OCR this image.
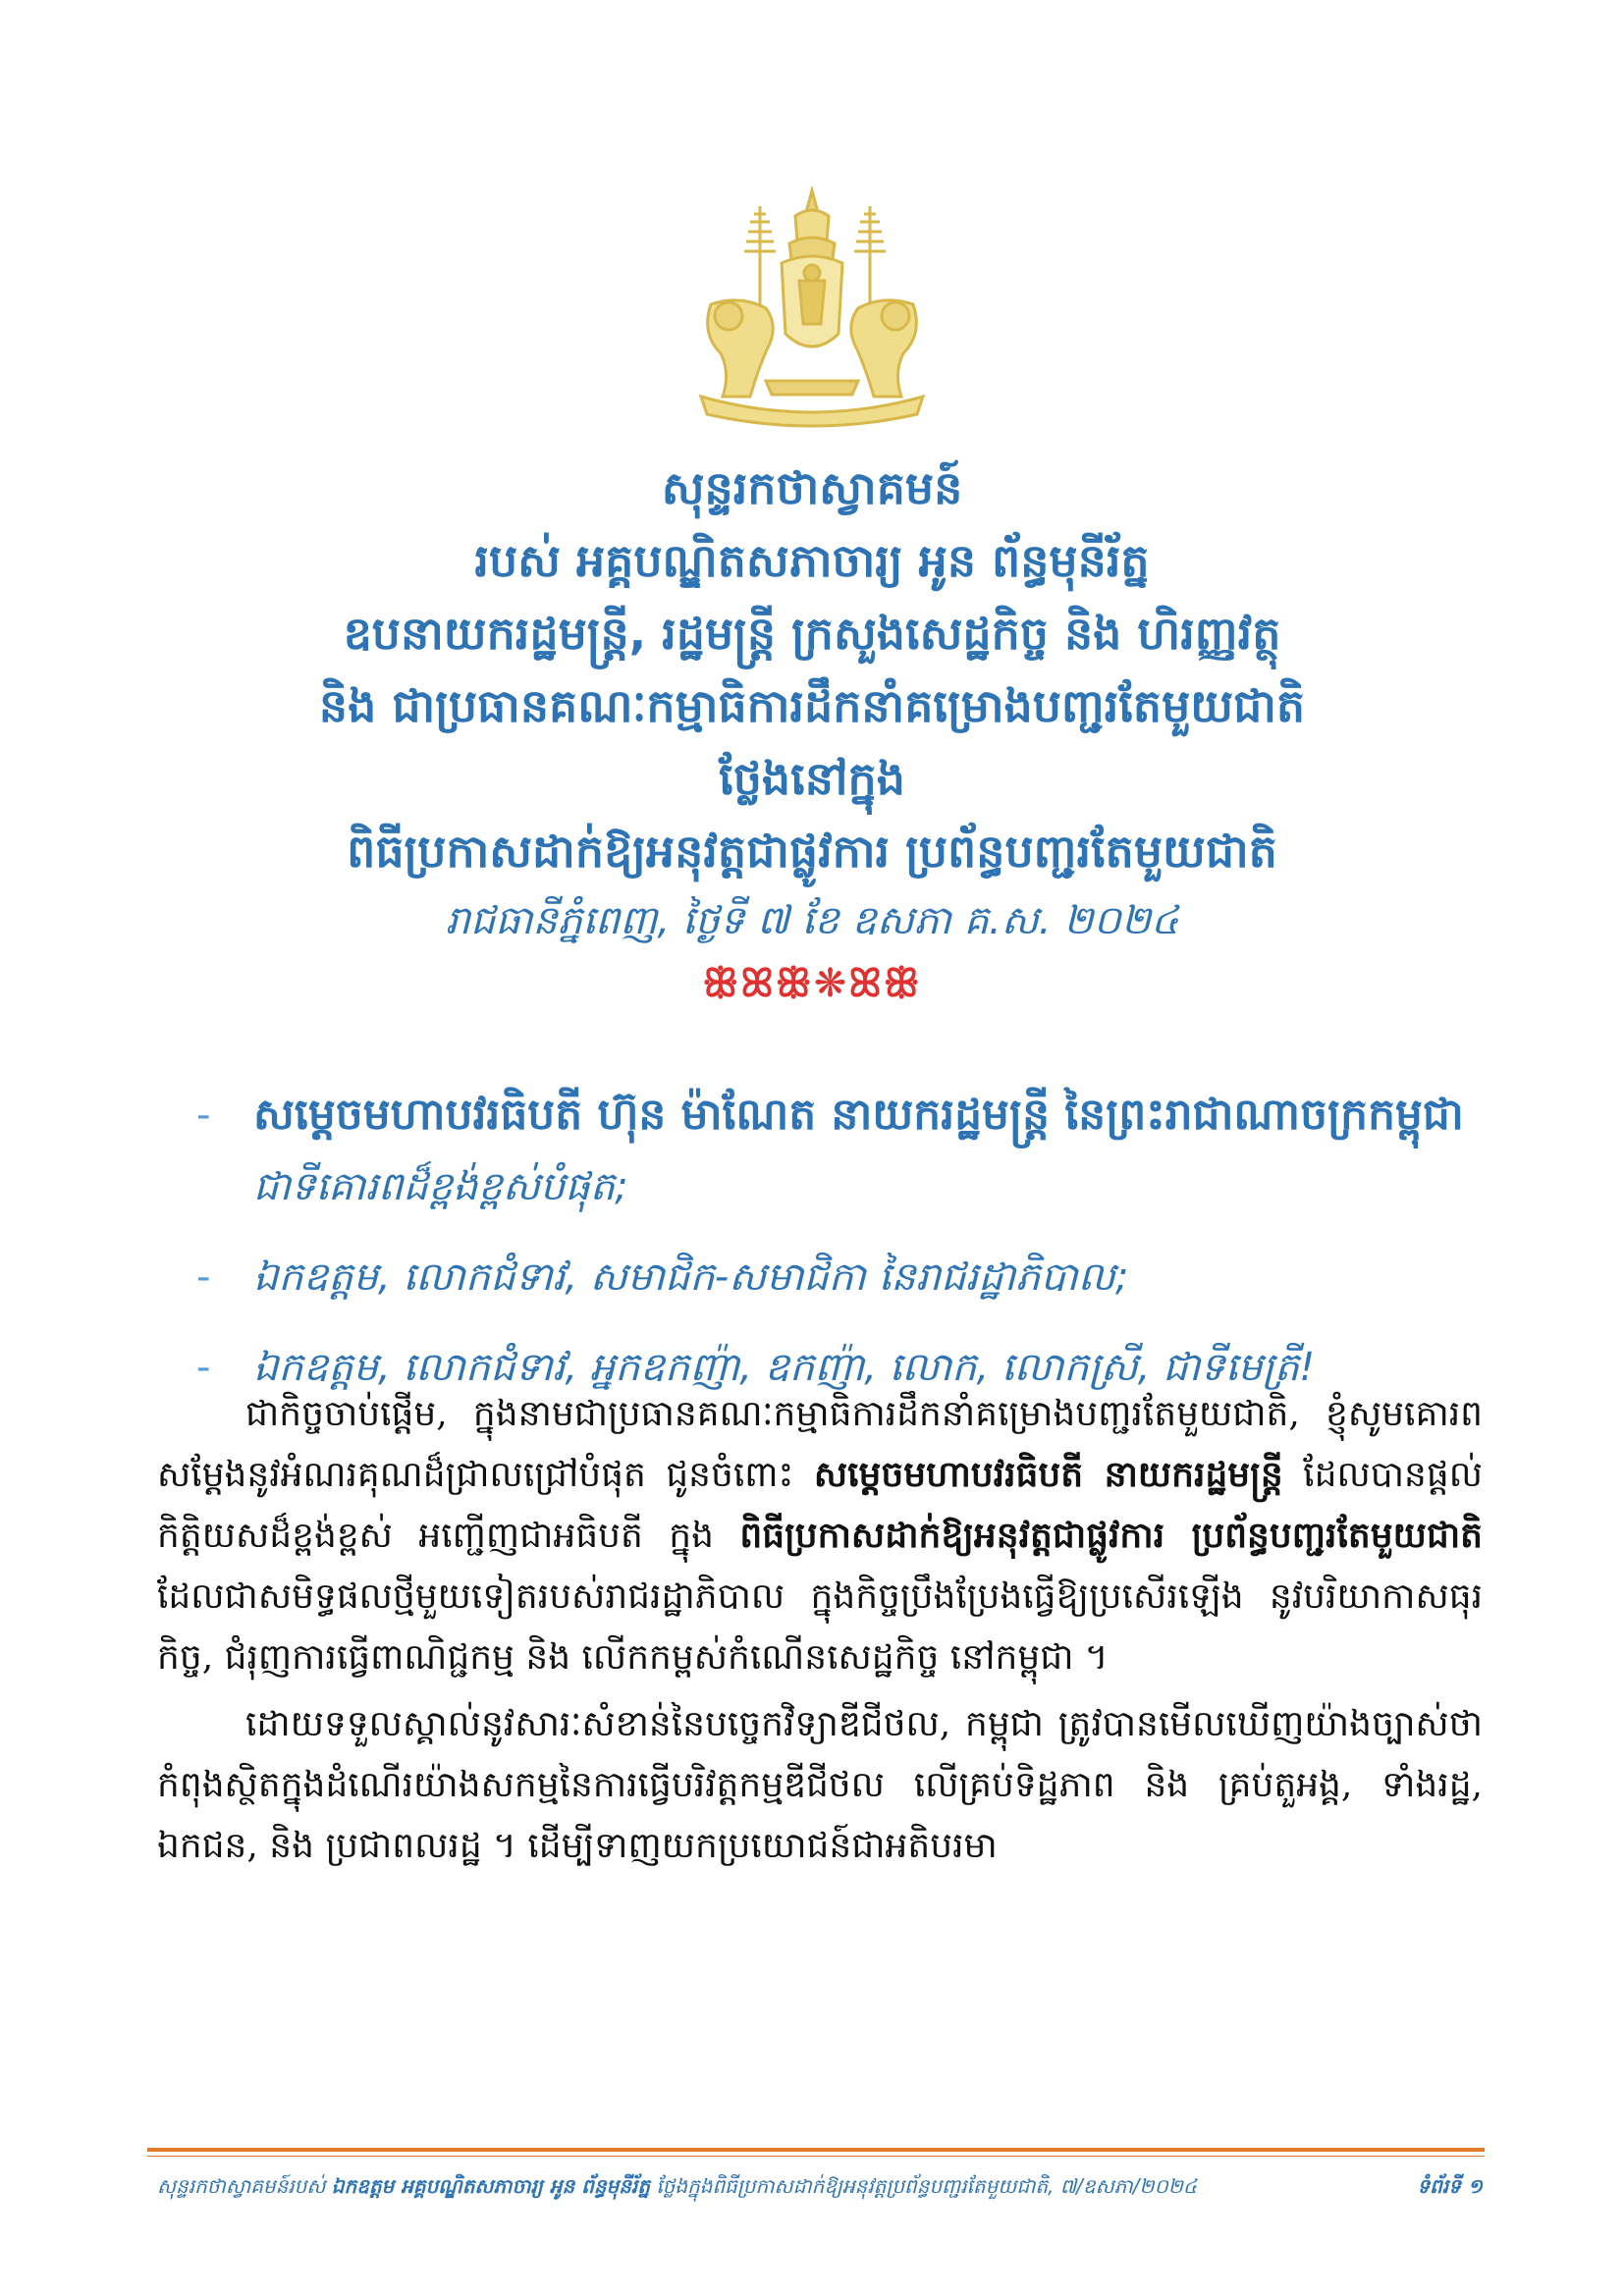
សុន្ទរកថាស្វាគមន៍
របស់ អគ្គបណ្ឌិតសភាចារ្យ អូន ព័ន្ធមុនីរ័ត្ន
ឧបនាយករដ្ឋមន្ត្រី, រដ្ឋមន្ត្រី ក្រសួងសេដ្ឋកិច្ច និង ហិរញ្ញវត្ថុ
និង ជាប្រធានគណៈកម្មាធិការដឹកនាំគម្រោងបញ្ជរតែមួយជាតិ
ថ្លែងនៅក្នុង
ពិធីប្រកាសដាក់ឱ្យអនុវត្តជាផ្លូវការ ប្រព័ន្ធបញ្ជរតែមួយជាតិ
រាជធានីភ្នំពេញ, ថ្ងៃទី ៧ ខែ ឧសភា គ.ស. ២០២៤
ꕥꕤꕥ❋ꕤꕥ
- សម្ដេចមហាបវរធិបតី ហ៊ុន ម៉ាណែត នាយករដ្ឋមន្ត្រី នៃព្រះរាជាណាចក្រកម្ពុជា ជាទីគោរពដ៏ខ្ពង់ខ្ពស់បំផុត;
- ឯកឧត្តម, លោកជំទាវ, សមាជិក-សមាជិកា នៃរាជរដ្ឋាភិបាល;
- ឯកឧត្តម, លោកជំទាវ, អ្នកឧកញ៉ា, ឧកញ៉ា, លោក, លោកស្រី, ជាទីមេត្រី!

ជាកិច្ចចាប់ផ្ដើម, ក្នុងនាមជាប្រធានគណៈកម្មាធិការដឹកនាំគម្រោងបញ្ជរតែមួយជាតិ, ខ្ញុំសូមគោរពសម្ដែងនូវអំណរគុណដ៏ជ្រាលជ្រៅបំផុត ជូនចំពោះ សម្ដេចមហាបវរធិបតី នាយករដ្ឋមន្ត្រី ដែលបានផ្ដល់កិត្តិយសដ៏ខ្ពង់ខ្ពស់ អញ្ជើញជាអធិបតី ក្នុង ពិធីប្រកាសដាក់ឱ្យអនុវត្តជាផ្លូវការ ប្រព័ន្ធបញ្ជរតែមួយជាតិ ដែលជាសមិទ្ធផលថ្មីមួយទៀតរបស់រាជរដ្ឋាភិបាល ក្នុងកិច្ចប្រឹងប្រែងធ្វើឱ្យប្រសើរឡើង នូវបរិយាកាសធុរកិច្ច, ជំរុញការធ្វើពាណិជ្ជកម្ម និង លើកកម្ពស់កំណើនសេដ្ឋកិច្ច នៅកម្ពុជា ។

ដោយទទួលស្គាល់នូវសារៈសំខាន់នៃបច្ចេកវិទ្យាឌីជីថល, កម្ពុជា ត្រូវបានមើលឃើញយ៉ាងច្បាស់ថា កំពុងស្ថិតក្នុងដំណើរយ៉ាងសកម្មនៃការធ្វើបរិវត្តកម្មឌីជីថល លើគ្រប់ទិដ្ឋភាព និង គ្រប់តួអង្គ, ទាំងរដ្ឋ, ឯកជន, និង ប្រជាពលរដ្ឋ ។ ដើម្បីទាញយកប្រយោជន៍ជាអតិបរមា

សុន្ទរកថាស្វាគមន៍របស់ ឯកឧត្តម អគ្គបណ្ឌិតសភាចារ្យ អូន ព័ន្ធមុនីរ័ត្ន ថ្លែងក្នុងពិធីប្រកាសដាក់ឱ្យអនុវត្តប្រព័ន្ធបញ្ជរតែមួយជាតិ, ៧/ឧសភា/២០២៤	ទំព័រទី ១
